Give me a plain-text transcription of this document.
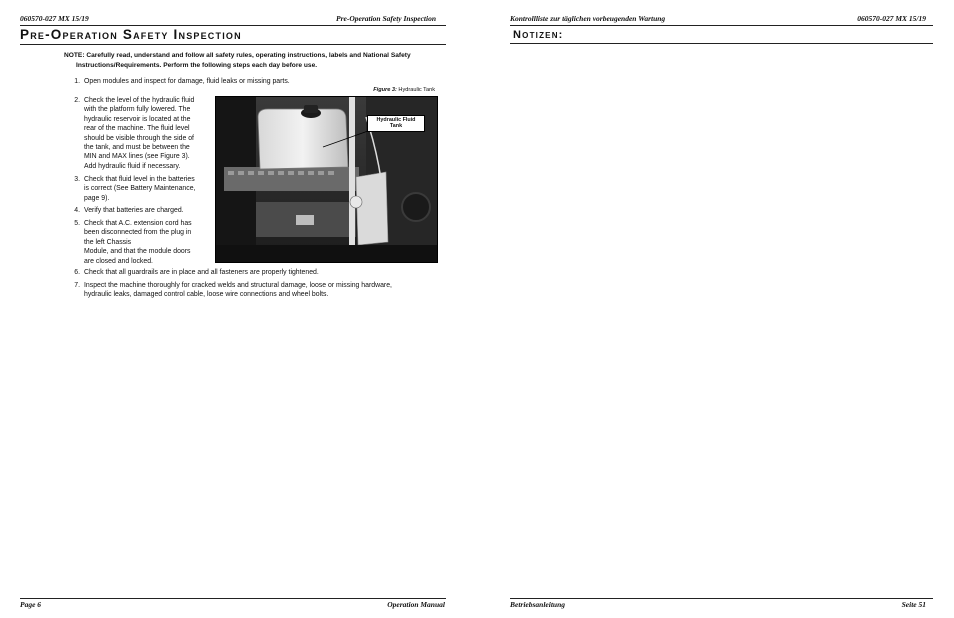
060570-027 MX 15/19	Pre-Operation Safety Inspection
Pre-Operation Safety Inspection
NOTE: Carefully read, understand and follow all safety rules, operating instructions, labels and National Safety
Instructions/Requirements. Perform the following steps each day before use.
1. Open modules and inspect for damage, fluid leaks or missing parts.
2. Check the level of the hydraulic fluid
with the platform fully lowered. The
hydraulic reservoir is located at the
rear of the machine. The fluid level
should be visible through the side of
the tank, and must be between the
MIN and MAX lines (see Figure 3).
Add hydraulic fluid if necessary.
3. Check that fluid level in the batteries
is correct (See Battery Maintenance,
page 9).
4. Verify that batteries are charged.
5. Check that A.C. extension cord has
been disconnected from the plug in
the left Chassis
Module, and that the module doors
are closed and locked.
6. Check that all guardrails are in place and all fasteners are properly tightened.
7. Inspect the machine thoroughly for cracked welds and structural damage, loose or missing hardware,
hydraulic leaks, damaged control cable, loose wire connections and wheel bolts.
Figure 3: Hydraulic Tank
Hydraulic Fluid
Tank
Page 6	Operation Manual
Kontrollliste zur täglichen vorbeugenden Wartung	060570-027 MX 15/19
Notizen:
Betriebsanleitung	Seite 51
